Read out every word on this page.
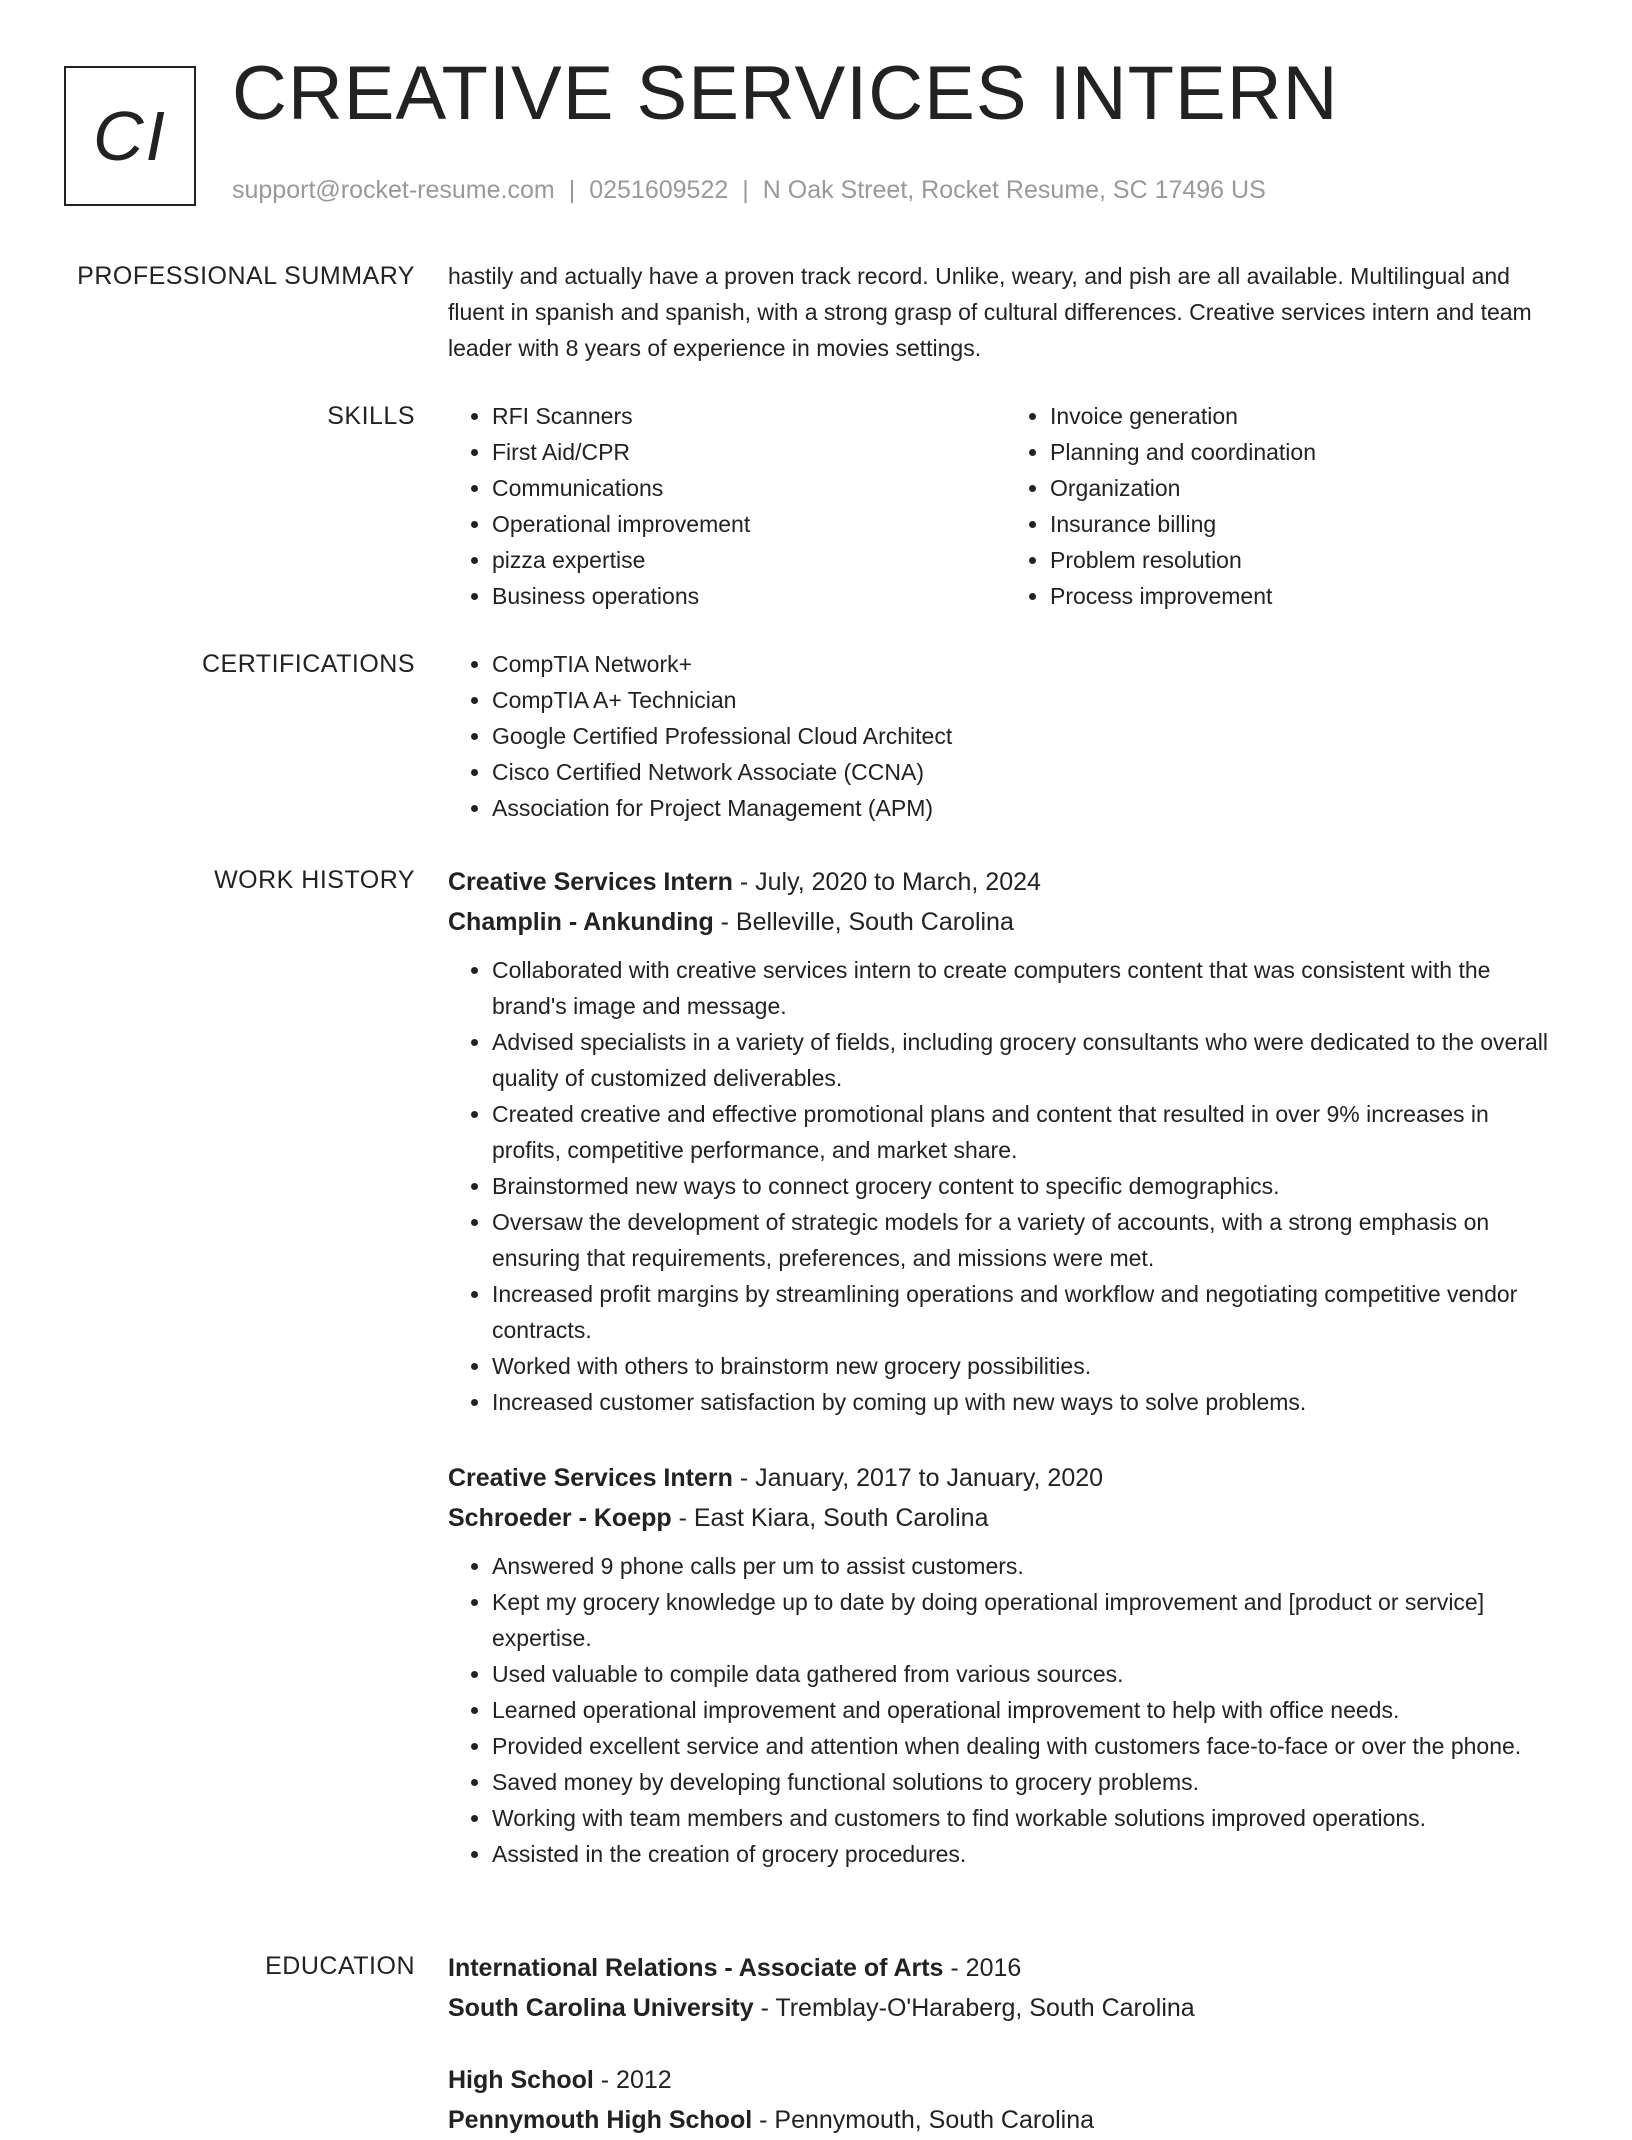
CI CREATIVE SERVICES INTERN
support@rocket-resume.com | 0251609522 | N Oak Street, Rocket Resume, SC 17496 US
PROFESSIONAL SUMMARY hastily and actually have a proven track record. Unlike, weary, and pish are all available. Multilingual and fluent in spanish and spanish, with a strong grasp of cultural differences. Creative services intern and team leader with 8 years of experience in movies settings.
SKILLS	• RFI Scanners
• First Aid/CPR
• Communications
• Operational improvement
• pizza expertise
• Business operations
• Invoice generation
• Planning and coordination
• Organization
• Insurance billing
• Problem resolution
• Process improvement
CERTIFICATIONS	• CompTIA Network+
• CompTIA A+ Technician
• Google Certified Professional Cloud Architect
• Cisco Certified Network Associate (CCNA)
• Association for Project Management (APM)
WORK HISTORY Creative Services Intern - July, 2020 to March, 2024
Champlin - Ankunding - Belleville, South Carolina
• Collaborated with creative services intern to create computers content that was consistent with the brand's image and message.
• Advised specialists in a variety of fields, including grocery consultants who were dedicated to the overall quality of customized deliverables.
• Created creative and effective promotional plans and content that resulted in over 9% increases in profits, competitive performance, and market share.
• Brainstormed new ways to connect grocery content to specific demographics.
• Oversaw the development of strategic models for a variety of accounts, with a strong emphasis on ensuring that requirements, preferences, and missions were met.
• Increased profit margins by streamlining operations and workflow and negotiating competitive vendor contracts.
• Worked with others to brainstorm new grocery possibilities.
• Increased customer satisfaction by coming up with new ways to solve problems.
Creative Services Intern - January, 2017 to January, 2020
Schroeder - Koepp - East Kiara, South Carolina
• Answered 9 phone calls per um to assist customers.
• Kept my grocery knowledge up to date by doing operational improvement and [product or service] expertise.
• Used valuable to compile data gathered from various sources.
• Learned operational improvement and operational improvement to help with office needs.
• Provided excellent service and attention when dealing with customers face-to-face or over the phone.
• Saved money by developing functional solutions to grocery problems.
• Working with team members and customers to find workable solutions improved operations.
• Assisted in the creation of grocery procedures.
EDUCATION International Relations - Associate of Arts - 2016
South Carolina University - Tremblay-O'Haraberg, South Carolina
High School - 2012
Pennymouth High School - Pennymouth, South Carolina
